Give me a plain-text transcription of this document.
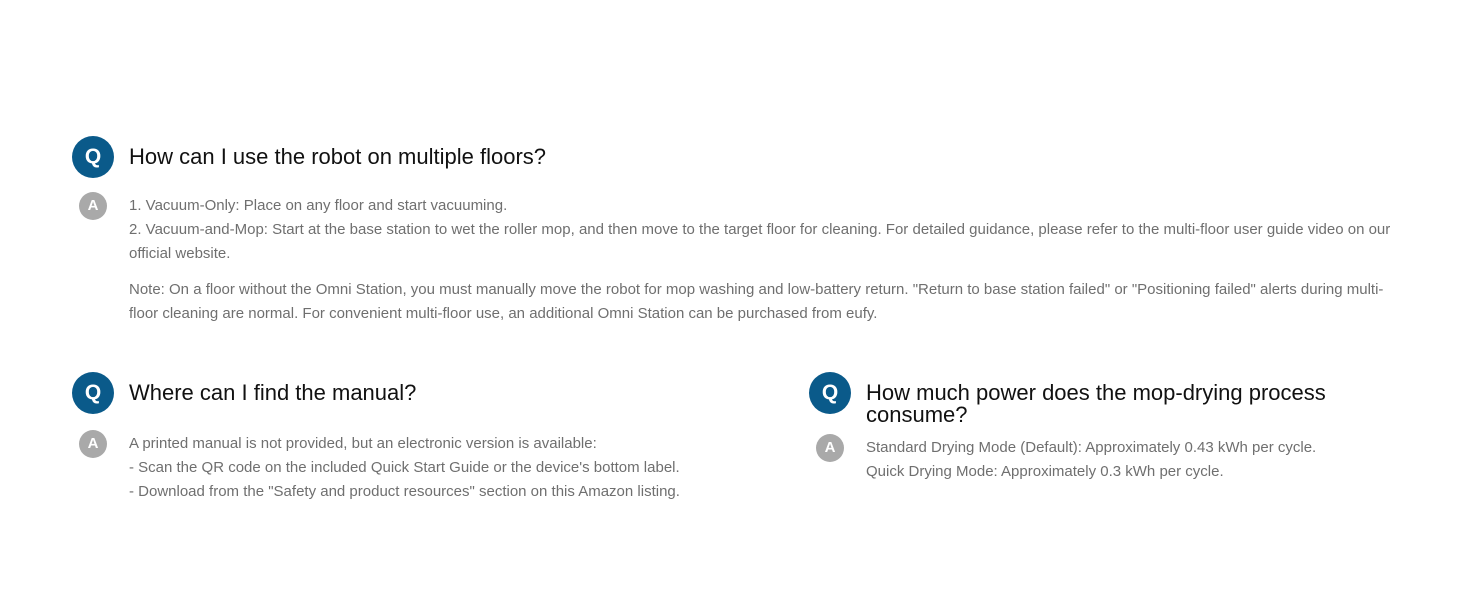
Q	How can I use the robot on multiple floors?
A	1. Vacuum-Only: Place on any floor and start vacuuming.

2. Vacuum-and-Mop: Start at the base station to wet the roller mop, and then move to the target floor for cleaning. For detailed guidance, please refer to the multi-floor user guide video on our official website.

Note: On a floor without the Omni Station, you must manually move the robot for mop washing and low-battery return. "Return to base station failed" or "Positioning failed" alerts during multi-floor cleaning are normal. For convenient multi-floor use, an additional Omni Station can be purchased from eufy.

Q	Where can I find the manual?
A	A printed manual is not provided, but an electronic version is available:

- Scan the QR code on the included Quick Start Guide or the device's bottom label.

- Download from the "Safety and product resources" section on this Amazon listing.

Q	How much power does the mop-drying process consume?
A	Standard Drying Mode (Default): Approximately 0.43 kWh per cycle.

Quick Drying Mode: Approximately 0.3 kWh per cycle.
